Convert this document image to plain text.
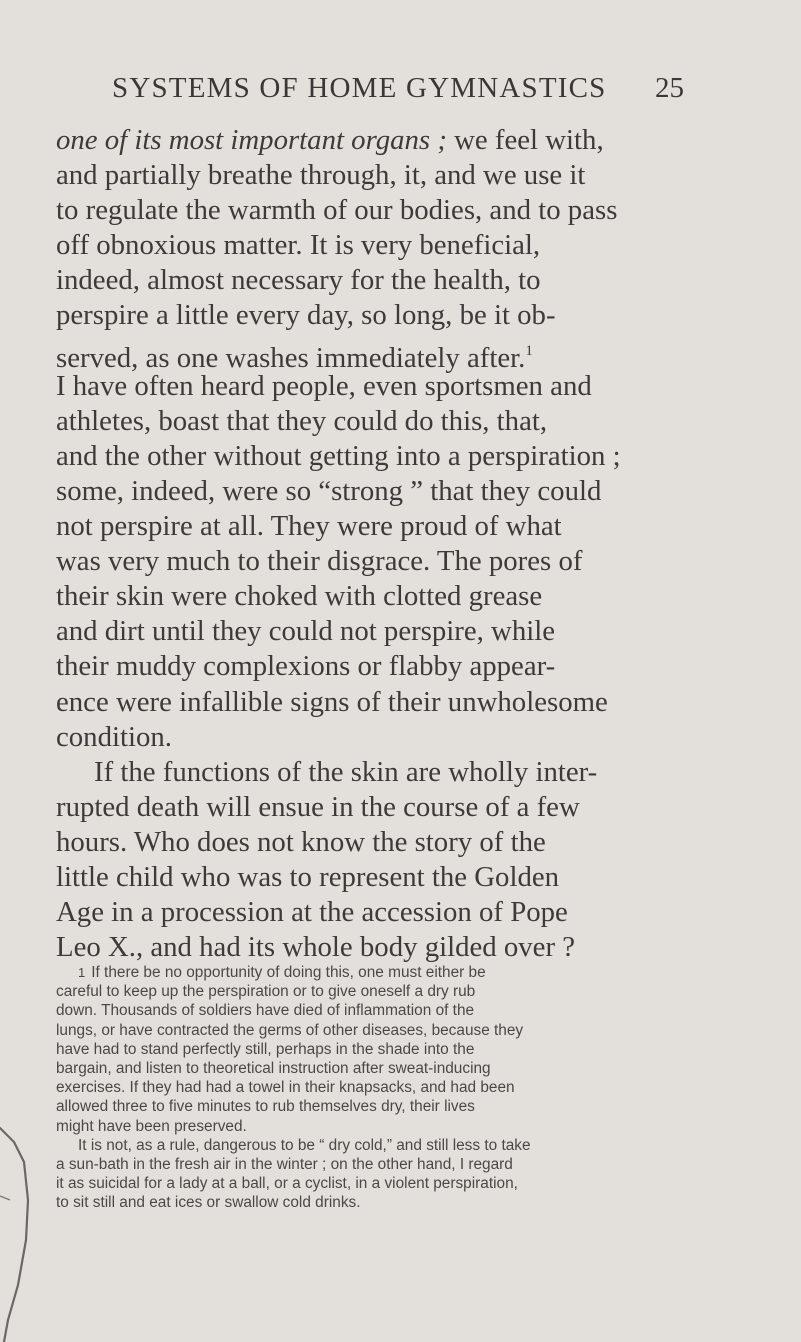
SYSTEMS OF HOME GYMNASTICS 25
one of its most important organs ; we feel with,
and partially breathe through, it, and we use it
to regulate the warmth of our bodies, and to pass
off obnoxious matter. It is very beneficial,
indeed, almost necessary for the health, to
perspire a little every day, so long, be it ob-
served, as one washes immediately after.$^1$
I have often heard people, even sportsmen and
athletes, boast that they could do this, that,
and the other without getting into a perspiration ;
some, indeed, were so “strong ” that they could
not perspire at all. They were proud of what
was very much to their disgrace. The pores of
their skin were choked with clotted grease
and dirt until they could not perspire, while
their muddy complexions or flabby appear-
ence were infallible signs of their unwholesome
condition.
If the functions of the skin are wholly inter-
rupted death will ensue in the course of a few
hours. Who does not know the story of the
little child who was to represent the Golden
Age in a procession at the accession of Pope
Leo X., and had its whole body gilded over ?
1 If there be no opportunity of doing this, one must either be
careful to keep up the perspiration or to give oneself a dry rub
down. Thousands of soldiers have died of inflammation of the
lungs, or have contracted the germs of other diseases, because they
have had to stand perfectly still, perhaps in the shade into the
bargain, and listen to theoretical instruction after sweat-inducing
exercises. If they had had a towel in their knapsacks, and had been
allowed three to five minutes to rub themselves dry, their lives
might have been preserved.
It is not, as a rule, dangerous to be “ dry cold,” and still less to take
a sun-bath in the fresh air in the winter ; on the other hand, I regard
it as suicidal for a lady at a ball, or a cyclist, in a violent perspiration,
to sit still and eat ices or swallow cold drinks.
